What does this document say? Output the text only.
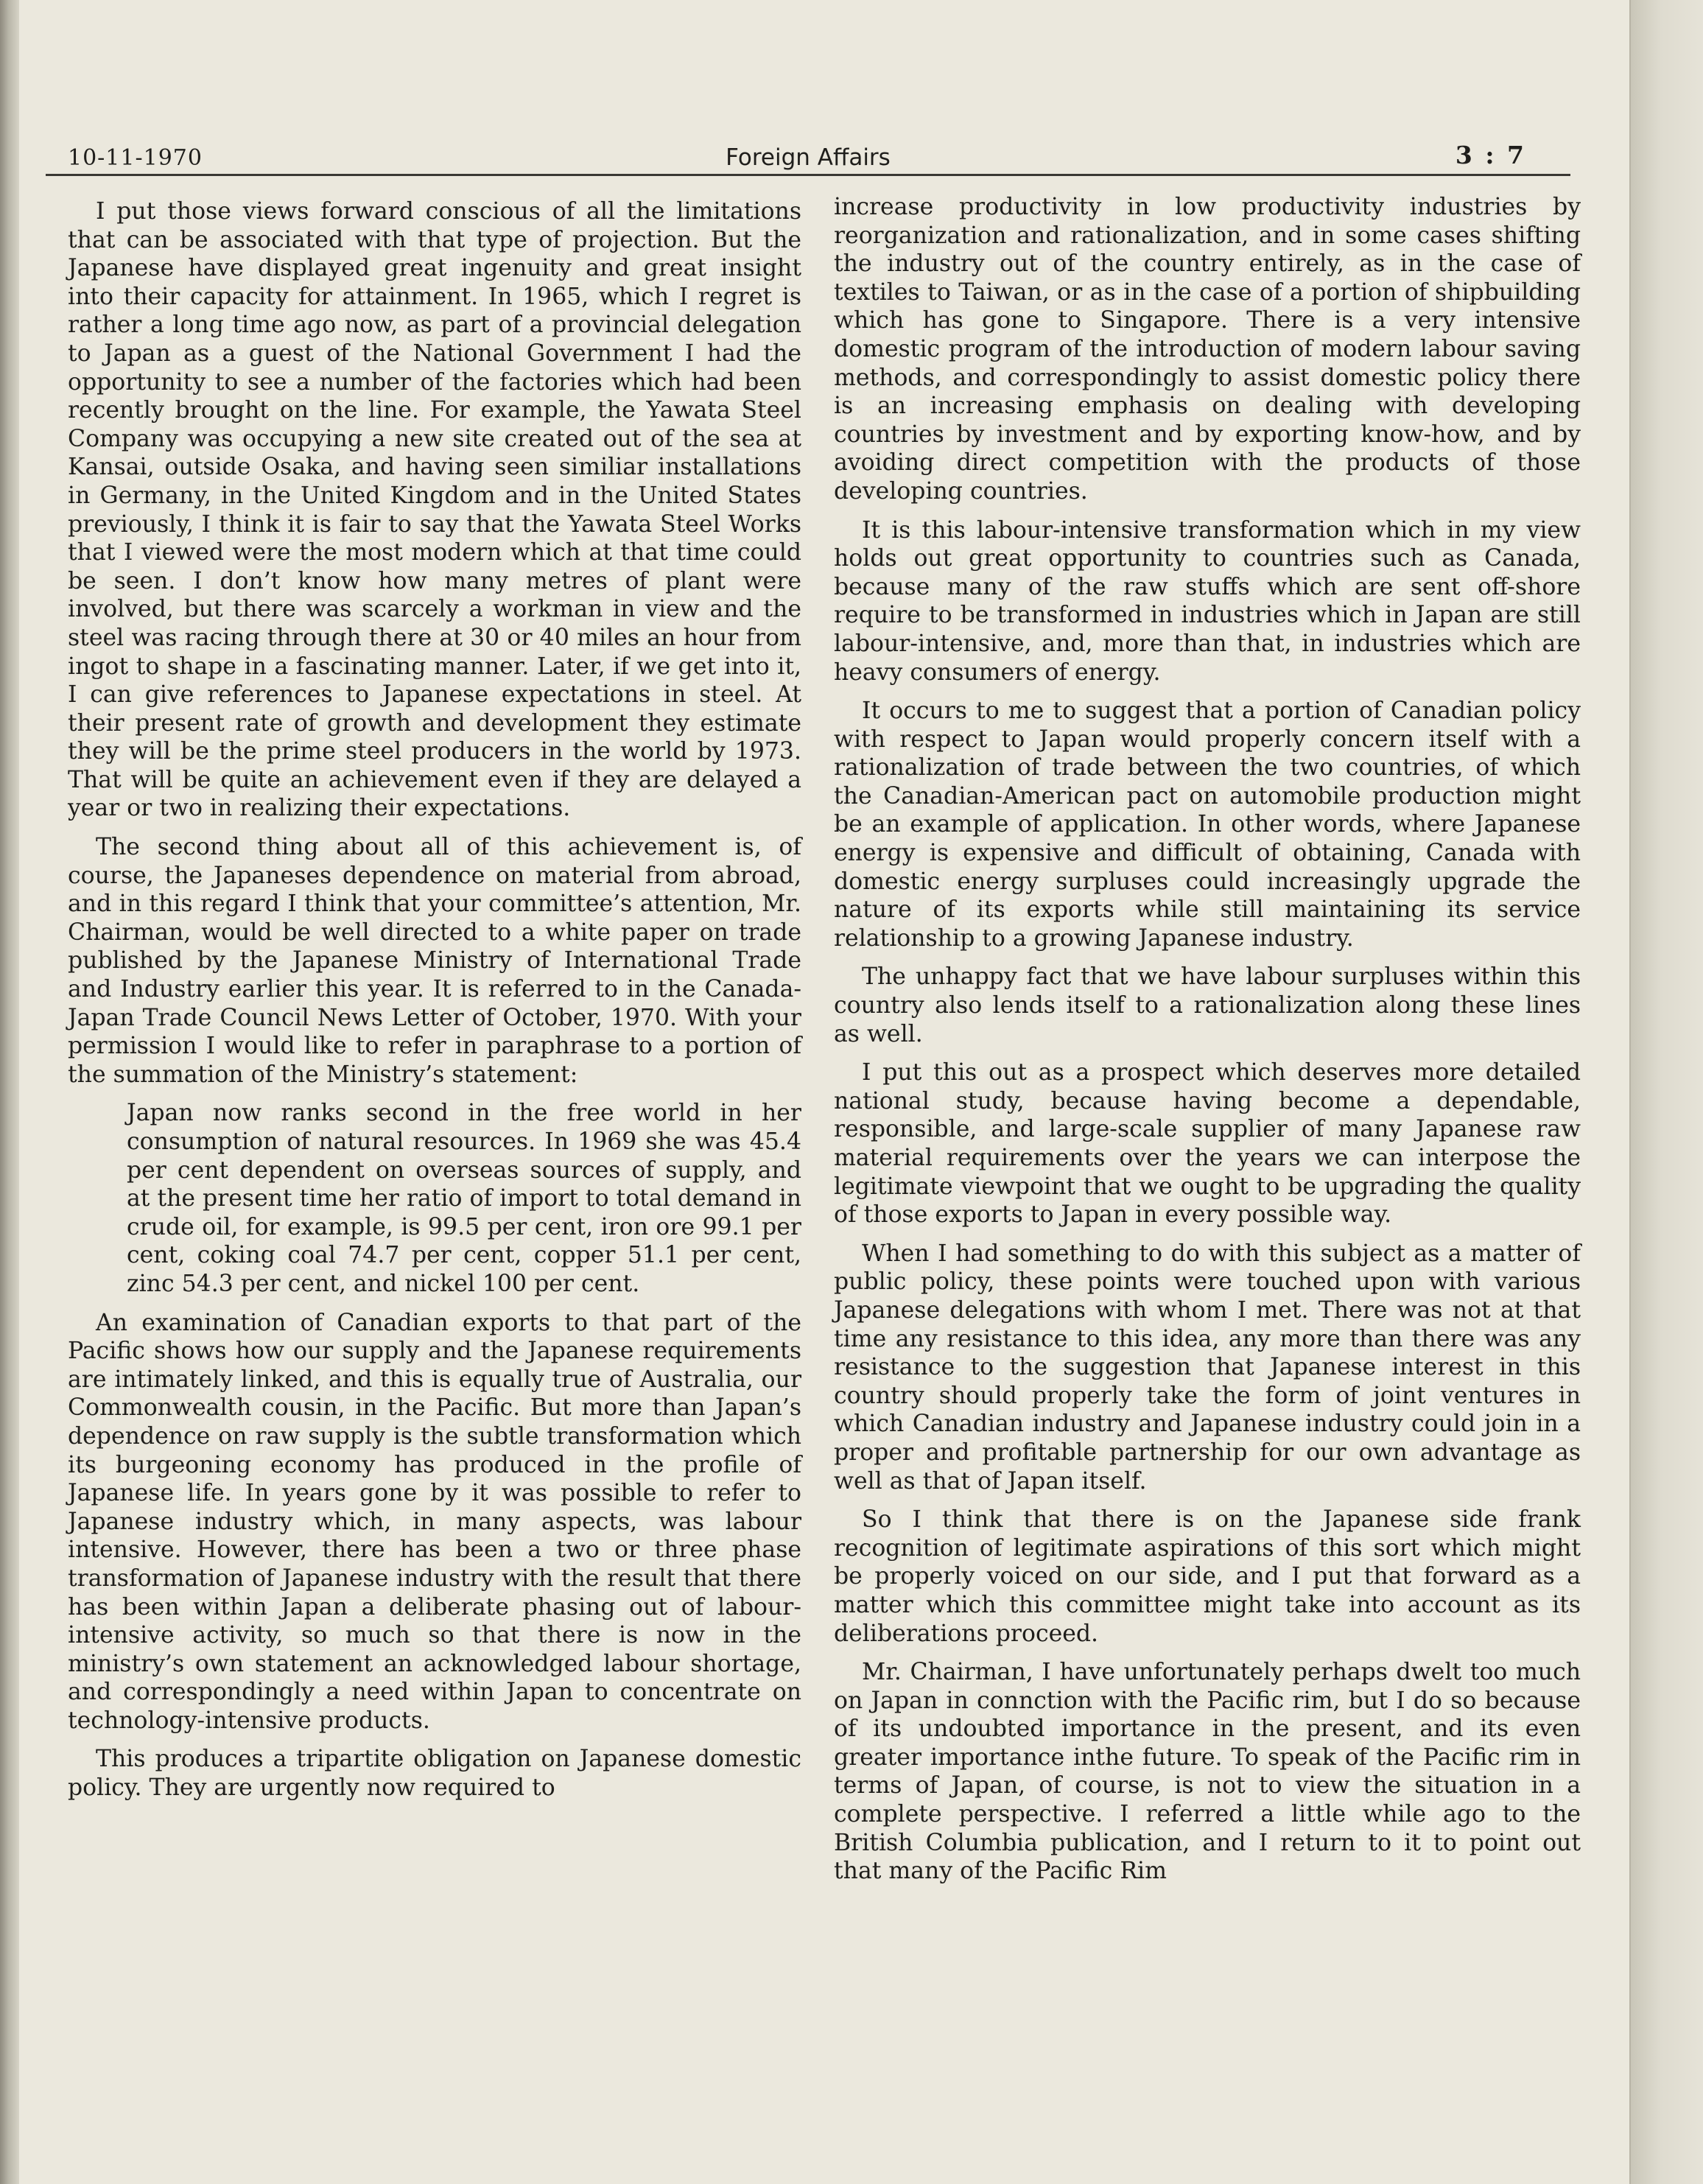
10-11-1970	Foreign Affairs	3 : 7

I put those views forward conscious of all the limitations that can be associated with that type of projection. But the Japanese have displayed great ingenuity and great insight into their capacity for attainment. In 1965, which I regret is rather a long time ago now, as part of a provincial delegation to Japan as a guest of the National Government I had the opportunity to see a number of the factories which had been recently brought on the line. For example, the Yawata Steel Company was occupying a new site created out of the sea at Kansai, outside Osaka, and having seen similiar installations in Germany, in the United Kingdom and in the United States previously, I think it is fair to say that the Yawata Steel Works that I viewed were the most modern which at that time could be seen. I don’t know how many metres of plant were involved, but there was scarcely a workman in view and the steel was racing through there at 30 or 40 miles an hour from ingot to shape in a fascinating manner. Later, if we get into it, I can give references to Japanese expectations in steel. At their present rate of growth and development they estimate they will be the prime steel producers in the world by 1973. That will be quite an achievement even if they are delayed a year or two in realizing their expectations.

The second thing about all of this achievement is, of course, the Japaneses dependence on material from abroad, and in this regard I think that your committee’s attention, Mr. Chairman, would be well directed to a white paper on trade published by the Japanese Ministry of International Trade and Industry earlier this year. It is referred to in the Canada-Japan Trade Council News Letter of October, 1970. With your permission I would like to refer in paraphrase to a portion of the summation of the Ministry’s statement:

Japan now ranks second in the free world in her consumption of natural resources. In 1969 she was 45.4 per cent dependent on overseas sources of supply, and at the present time her ratio of import to total demand in crude oil, for example, is 99.5 per cent, iron ore 99.1 per cent, coking coal 74.7 per cent, copper 51.1 per cent, zinc 54.3 per cent, and nickel 100 per cent.

An examination of Canadian exports to that part of the Pacific shows how our supply and the Japanese requirements are intimately linked, and this is equally true of Australia, our Commonwealth cousin, in the Pacific. But more than Japan’s dependence on raw supply is the subtle transformation which its burgeoning economy has produced in the profile of Japanese life. In years gone by it was possible to refer to Japanese industry which, in many aspects, was labour intensive. However, there has been a two or three phase transformation of Japanese industry with the result that there has been within Japan a deliberate phasing out of labour-intensive activity, so much so that there is now in the ministry’s own statement an acknowledged labour shortage, and correspondingly a need within Japan to concentrate on technology-intensive products.

This produces a tripartite obligation on Japanese domestic policy. They are urgently now required to

increase productivity in low productivity industries by reorganization and rationalization, and in some cases shifting the industry out of the country entirely, as in the case of textiles to Taiwan, or as in the case of a portion of shipbuilding which has gone to Singapore. There is a very intensive domestic program of the introduction of modern labour saving methods, and correspondingly to assist domestic policy there is an increasing emphasis on dealing with developing countries by investment and by exporting know-how, and by avoiding direct competition with the products of those developing countries.

It is this labour-intensive transformation which in my view holds out great opportunity to countries such as Canada, because many of the raw stuffs which are sent off-shore require to be transformed in industries which in Japan are still labour-intensive, and, more than that, in industries which are heavy consumers of energy.

It occurs to me to suggest that a portion of Canadian policy with respect to Japan would properly concern itself with a rationalization of trade between the two countries, of which the Canadian-American pact on automobile production might be an example of application. In other words, where Japanese energy is expensive and difficult of obtaining, Canada with domestic energy surpluses could increasingly upgrade the nature of its exports while still maintaining its service relationship to a growing Japanese industry.

The unhappy fact that we have labour surpluses within this country also lends itself to a rationalization along these lines as well.

I put this out as a prospect which deserves more detailed national study, because having become a dependable, responsible, and large-scale supplier of many Japanese raw material requirements over the years we can interpose the legitimate viewpoint that we ought to be upgrading the quality of those exports to Japan in every possible way.

When I had something to do with this subject as a matter of public policy, these points were touched upon with various Japanese delegations with whom I met. There was not at that time any resistance to this idea, any more than there was any resistance to the suggestion that Japanese interest in this country should properly take the form of joint ventures in which Canadian industry and Japanese industry could join in a proper and profitable partnership for our own advantage as well as that of Japan itself.

So I think that there is on the Japanese side frank recognition of legitimate aspirations of this sort which might be properly voiced on our side, and I put that forward as a matter which this committee might take into account as its deliberations proceed.

Mr. Chairman, I have unfortunately perhaps dwelt too much on Japan in connction with the Pacific rim, but I do so because of its undoubted importance in the present, and its even greater importance inthe future. To speak of the Pacific rim in terms of Japan, of course, is not to view the situation in a complete perspective. I referred a little while ago to the British Columbia publication, and I return to it to point out that many of the Pacific Rim
